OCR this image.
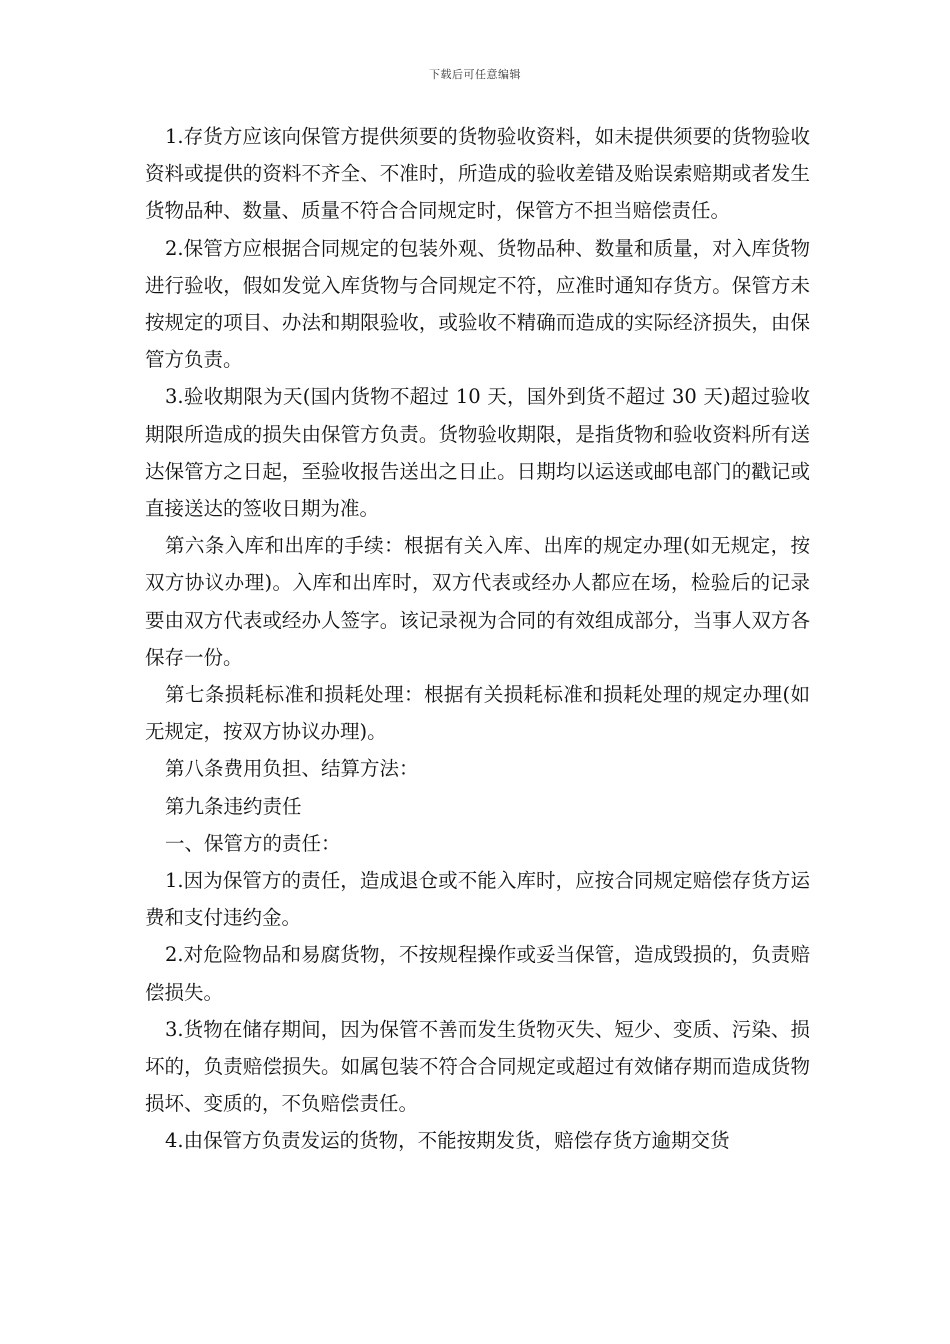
下载后可任意编辑

1.存货方应该向保管方提供须要的货物验收资料，如未提供须要的货物验收资料或提供的资料不齐全、不准时，所造成的验收差错及贻误索赔期或者发生货物品种、数量、质量不符合合同规定时，保管方不担当赔偿责任。

2.保管方应根据合同规定的包装外观、货物品种、数量和质量，对入库货物进行验收，假如发觉入库货物与合同规定不符，应准时通知存货方。保管方未按规定的项目、办法和期限验收，或验收不精确而造成的实际经济损失，由保管方负责。

3.验收期限为天(国内货物不超过 10 天，国外到货不超过 30 天)超过验收期限所造成的损失由保管方负责。货物验收期限，是指货物和验收资料所有送达保管方之日起，至验收报告送出之日止。日期均以运送或邮电部门的戳记或直接送达的签收日期为准。

第六条入库和出库的手续：根据有关入库、出库的规定办理(如无规定，按双方协议办理)。入库和出库时，双方代表或经办人都应在场，检验后的记录要由双方代表或经办人签字。该记录视为合同的有效组成部分，当事人双方各保存一份。

第七条损耗标准和损耗处理：根据有关损耗标准和损耗处理的规定办理(如无规定，按双方协议办理)。

第八条费用负担、结算方法：

第九条违约责任

一、保管方的责任：

1.因为保管方的责任，造成退仓或不能入库时，应按合同规定赔偿存货方运费和支付违约金。

2.对危险物品和易腐货物，不按规程操作或妥当保管，造成毁损的，负责赔偿损失。

3.货物在储存期间，因为保管不善而发生货物灭失、短少、变质、污染、损坏的，负责赔偿损失。如属包装不符合合同规定或超过有效储存期而造成货物损坏、变质的，不负赔偿责任。

4.由保管方负责发运的货物，不能按期发货，赔偿存货方逾期交货
